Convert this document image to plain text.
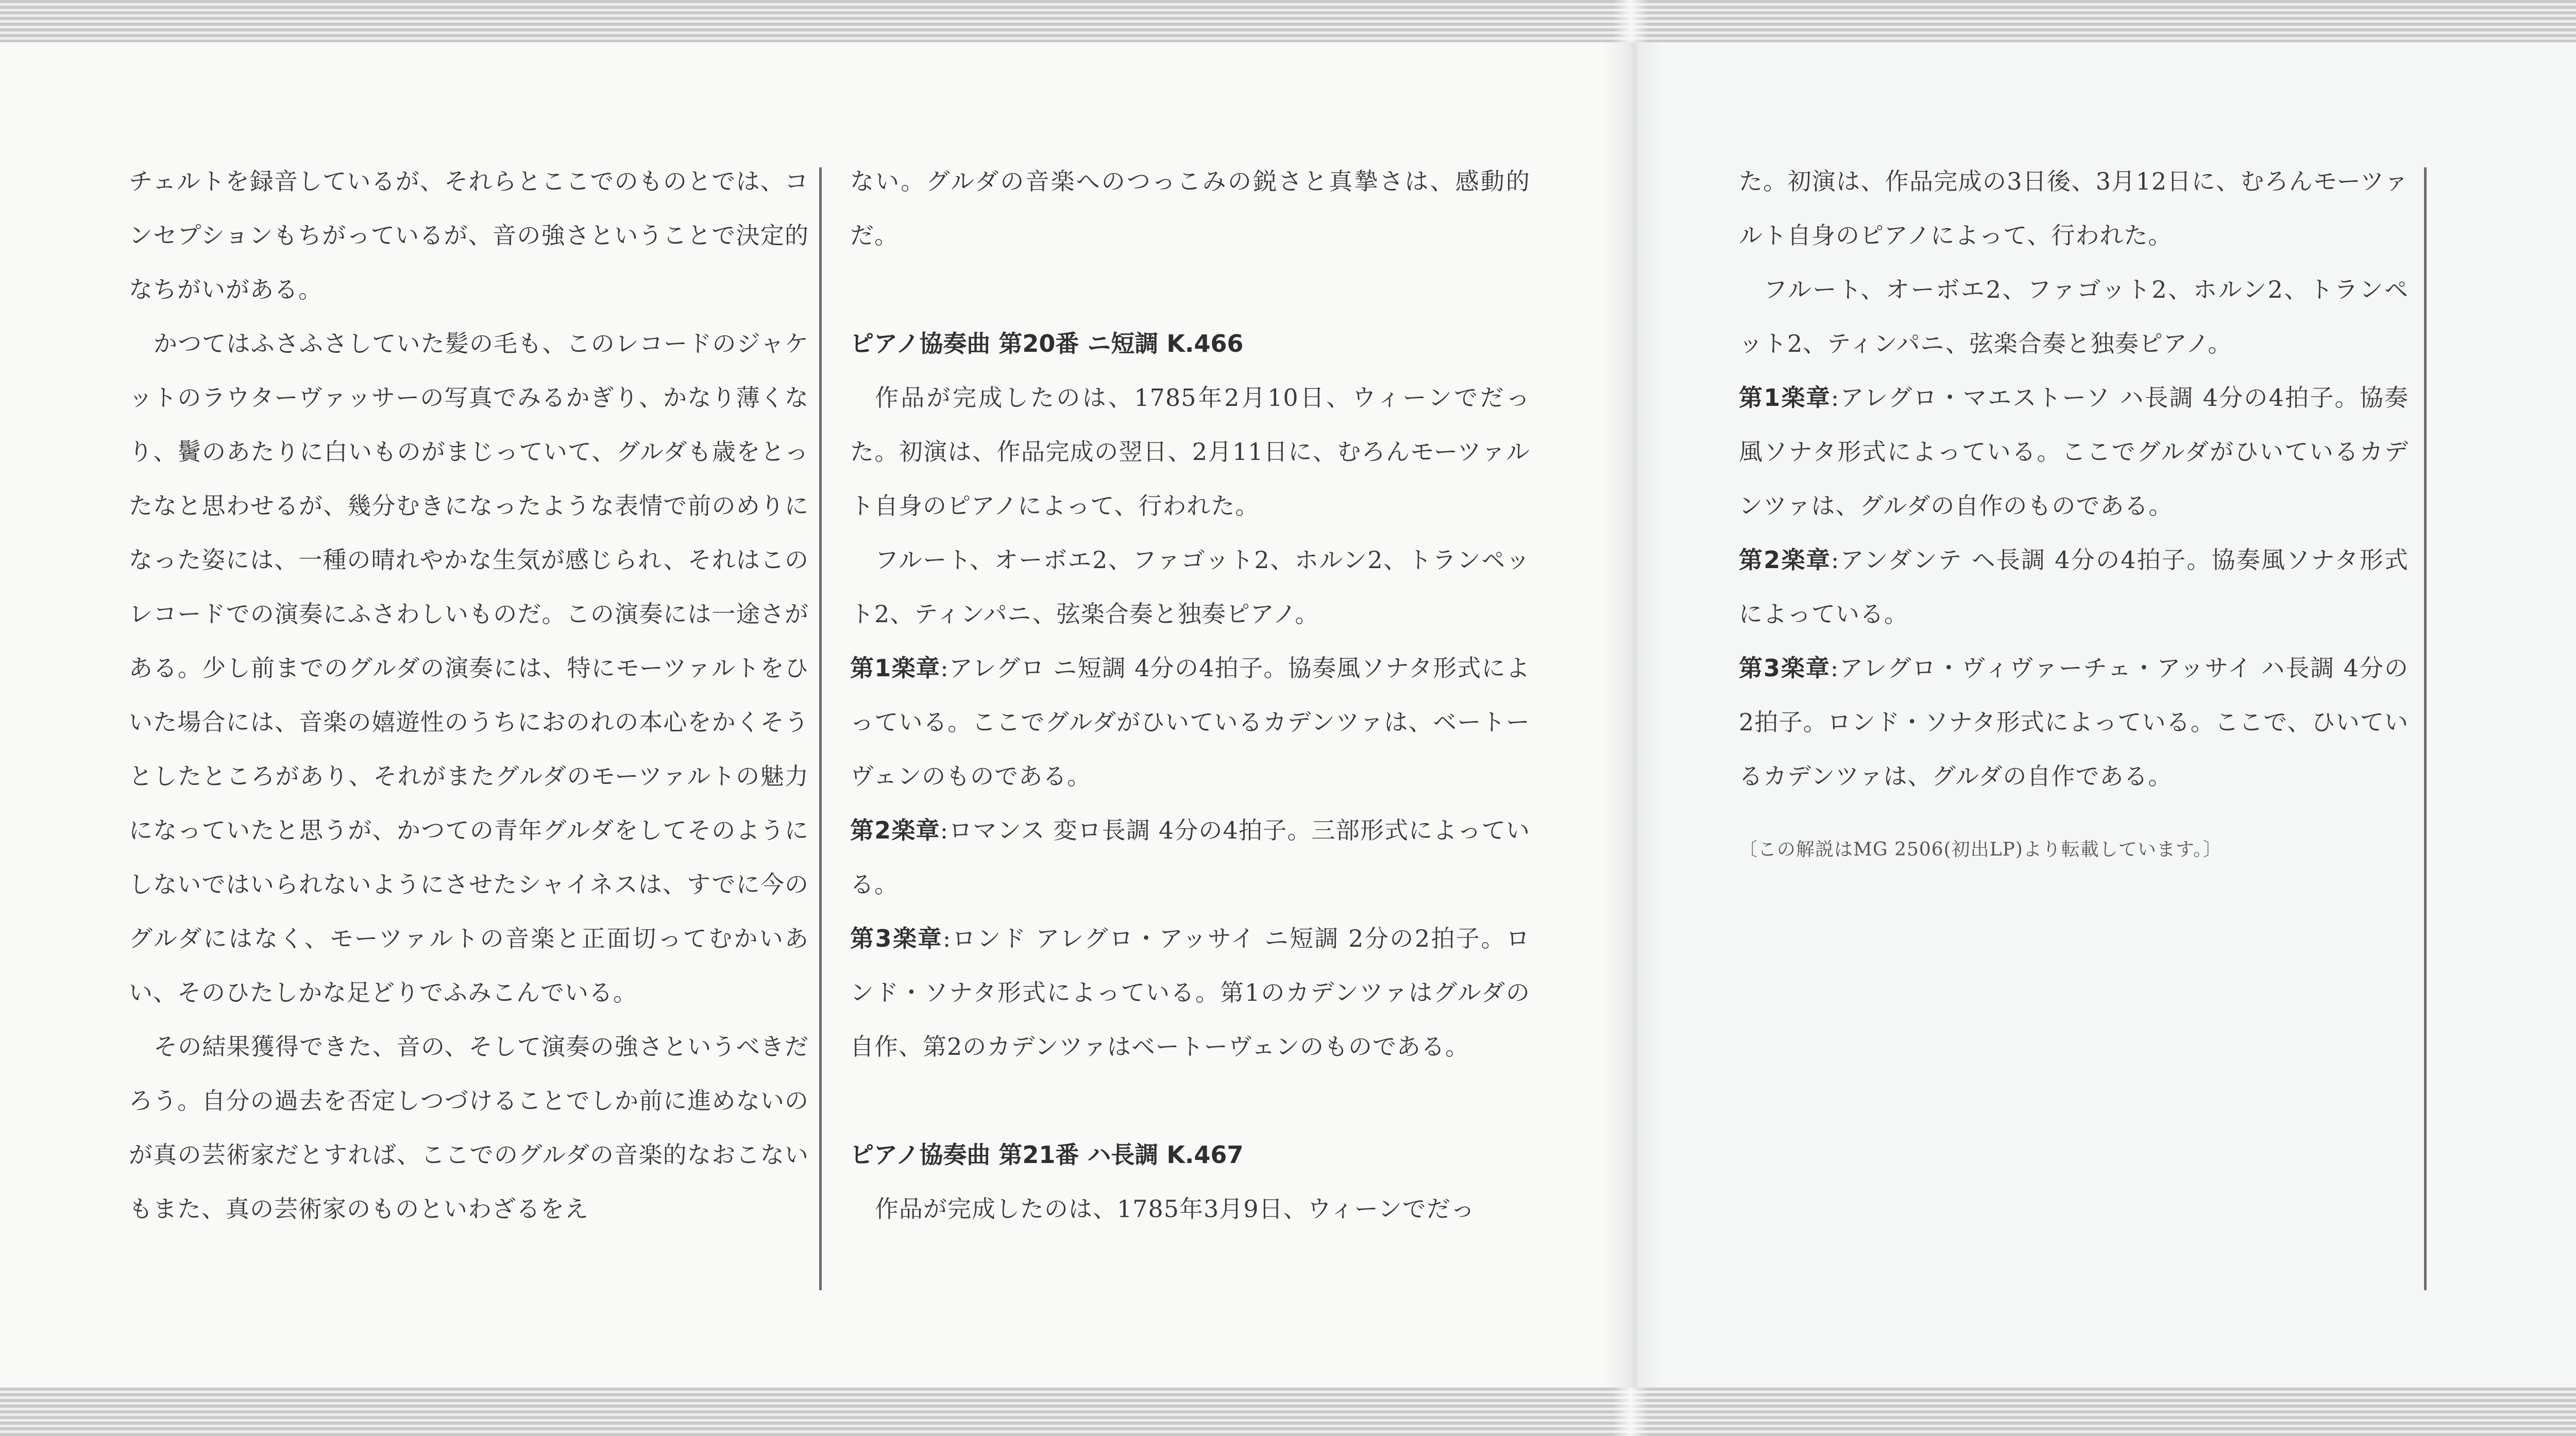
チェルトを録音しているが、それらとここでのものとでは、コンセプションもちがっているが、音の強さということで決定的なちがいがある。

かつてはふさふさしていた髪の毛も、このレコードのジャケットのラウターヴァッサーの写真でみるかぎり、かなり薄くなり、鬢のあたりに白いものがまじっていて、グルダも歳をとったなと思わせるが、幾分むきになったような表情で前のめりになった姿には、一種の晴れやかな生気が感じられ、それはこのレコードでの演奏にふさわしいものだ。この演奏には一途さがある。少し前までのグルダの演奏には、特にモーツァルトをひいた場合には、音楽の嬉遊性のうちにおのれの本心をかくそうとしたところがあり、それがまたグルダのモーツァルトの魅力になっていたと思うが、かつての青年グルダをしてそのようにしないではいられないようにさせたシャイネスは、すでに今のグルダにはなく、モーツァルトの音楽と正面切ってむかいあい、そのひたしかな足どりでふみこんでいる。

その結果獲得できた、音の、そして演奏の強さというべきだろう。自分の過去を否定しつづけることでしか前に進めないのが真の芸術家だとすれば、ここでのグルダの音楽的なおこないもまた、真の芸術家のものといわざるをえ

ない。グルダの音楽へのつっこみの鋭さと真摯さは、感動的だ。

ピアノ協奏曲 第20番 ニ短調 K.466

作品が完成したのは、1785年2月10日、ウィーンでだった。初演は、作品完成の翌日、2月11日に、むろんモーツァルト自身のピアノによって、行われた。

フルート、オーボエ2、ファゴット2、ホルン2、トランペット2、ティンパニ、弦楽合奏と独奏ピアノ。

第1楽章:アレグロ ニ短調 4分の4拍子。協奏風ソナタ形式によっている。ここでグルダがひいているカデンツァは、ベートーヴェンのものである。

第2楽章:ロマンス 変ロ長調 4分の4拍子。三部形式によっている。

第3楽章:ロンド アレグロ・アッサイ ニ短調 2分の2拍子。ロンド・ソナタ形式によっている。第1のカデンツァはグルダの自作、第2のカデンツァはベートーヴェンのものである。

ピアノ協奏曲 第21番 ハ長調 K.467

作品が完成したのは、1785年3月9日、ウィーンでだっ

た。初演は、作品完成の3日後、3月12日に、むろんモーツァルト自身のピアノによって、行われた。

フルート、オーボエ2、ファゴット2、ホルン2、トランペット2、ティンパニ、弦楽合奏と独奏ピアノ。

第1楽章:アレグロ・マエストーソ ハ長調 4分の4拍子。協奏風ソナタ形式によっている。ここでグルダがひいているカデンツァは、グルダの自作のものである。

第2楽章:アンダンテ ヘ長調 4分の4拍子。協奏風ソナタ形式によっている。

第3楽章:アレグロ・ヴィヴァーチェ・アッサイ ハ長調 4分の2拍子。ロンド・ソナタ形式によっている。ここで、ひいているカデンツァは、グルダの自作である。

〔この解説はMG 2506(初出LP)より転載しています。〕
